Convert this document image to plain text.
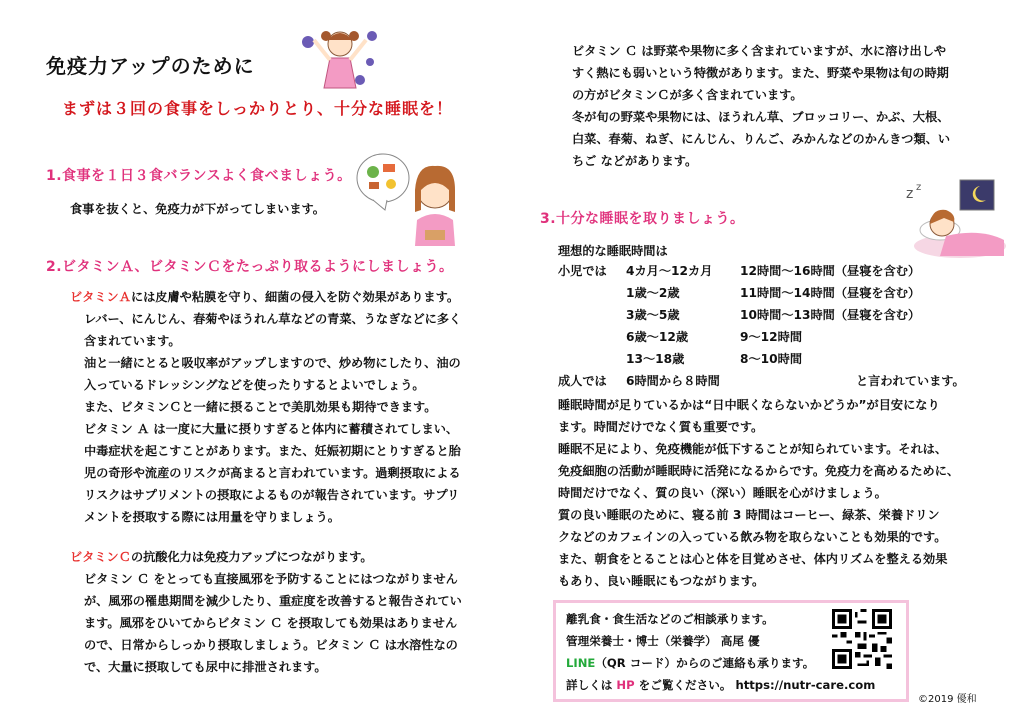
免疫力アップのために
まずは３回の食事をしっかりとり、十分な睡眠を！
1.食事を１日３食バランスよく食べましょう。
食事を抜くと、免疫力が下がってしまいます。
2.ビタミンＡ、ビタミンＣをたっぷり取るようにしましょう。
ビタミンＡには皮膚や粘膜を守り、細菌の侵入を防ぐ効果があります。
レバー、にんじん、春菊やほうれん草などの青菜、うなぎなどに多く
含まれています。
油と一緒にとると吸収率がアップしますので、炒め物にしたり、油の
入っているドレッシングなどを使ったりするとよいでしょう。
また、ビタミンＣと一緒に摂ることで美肌効果も期待できます。
ビタミン Ａ は一度に大量に摂りすぎると体内に蓄積されてしまい、
中毒症状を起こすことがあります。また、妊娠初期にとりすぎると胎
児の奇形や流産のリスクが高まると言われています。過剰摂取による
リスクはサプリメントの摂取によるものが報告されています。サプリ
メントを摂取する際には用量を守りましょう。
ビタミンＣの抗酸化力は免疫力アップにつながります。
ビタミン Ｃ をとっても直接風邪を予防することにはつながりません
が、風邪の罹患期間を減少したり、重症度を改善すると報告されてい
ます。風邪をひいてからビタミン Ｃ を摂取しても効果はありません
ので、日常からしっかり摂取しましょう。ビタミン Ｃ は水溶性なの
で、大量に摂取しても尿中に排泄されます。
ビタミン Ｃ は野菜や果物に多く含まれていますが、水に溶け出しや
すく熱にも弱いという特徴があります。また、野菜や果物は旬の時期
の方がビタミンＣが多く含まれています。
冬が旬の野菜や果物には、ほうれん草、ブロッコリー、かぶ、大根、
白菜、春菊、ねぎ、にんじん、りんご、みかんなどのかんきつ類、い
ちご などがあります。
3.十分な睡眠を取りましょう。
z z
理想的な睡眠時間は
小児では 4カ月～12カ月 12時間～16時間（昼寝を含む）
1歳～2歳	11時間～14時間（昼寝を含む）
3歳～5歳	10時間～13時間（昼寝を含む）
6歳～12歳	9～12時間
13～18歳	8～10時間
成人では 6時間から８時間	と言われています。
睡眠時間が足りているかは“日中眠くならないかどうか”が目安になり
ます。時間だけでなく質も重要です。
睡眠不足により、免疫機能が低下することが知られています。それは、
免疫細胞の活動が睡眠時に活発になるからです。免疫力を高めるために、
時間だけでなく、質の良い（深い）睡眠を心がけましょう。
質の良い睡眠のために、寝る前 3 時間はコーヒー、緑茶、栄養ドリン
クなどのカフェインの入っている飲み物を取らないことも効果的です。
また、朝食をとることは心と体を目覚めさせ、体内リズムを整える効果
もあり、良い睡眠にもつながります。
離乳食・食生活などのご相談承ります。
管理栄養士・博士（栄養学） 高尾 優
LINE（QR コード）からのご連絡も承ります。
詳しくは HP をご覧ください。 https://nutr-care.com
©2019 優和
